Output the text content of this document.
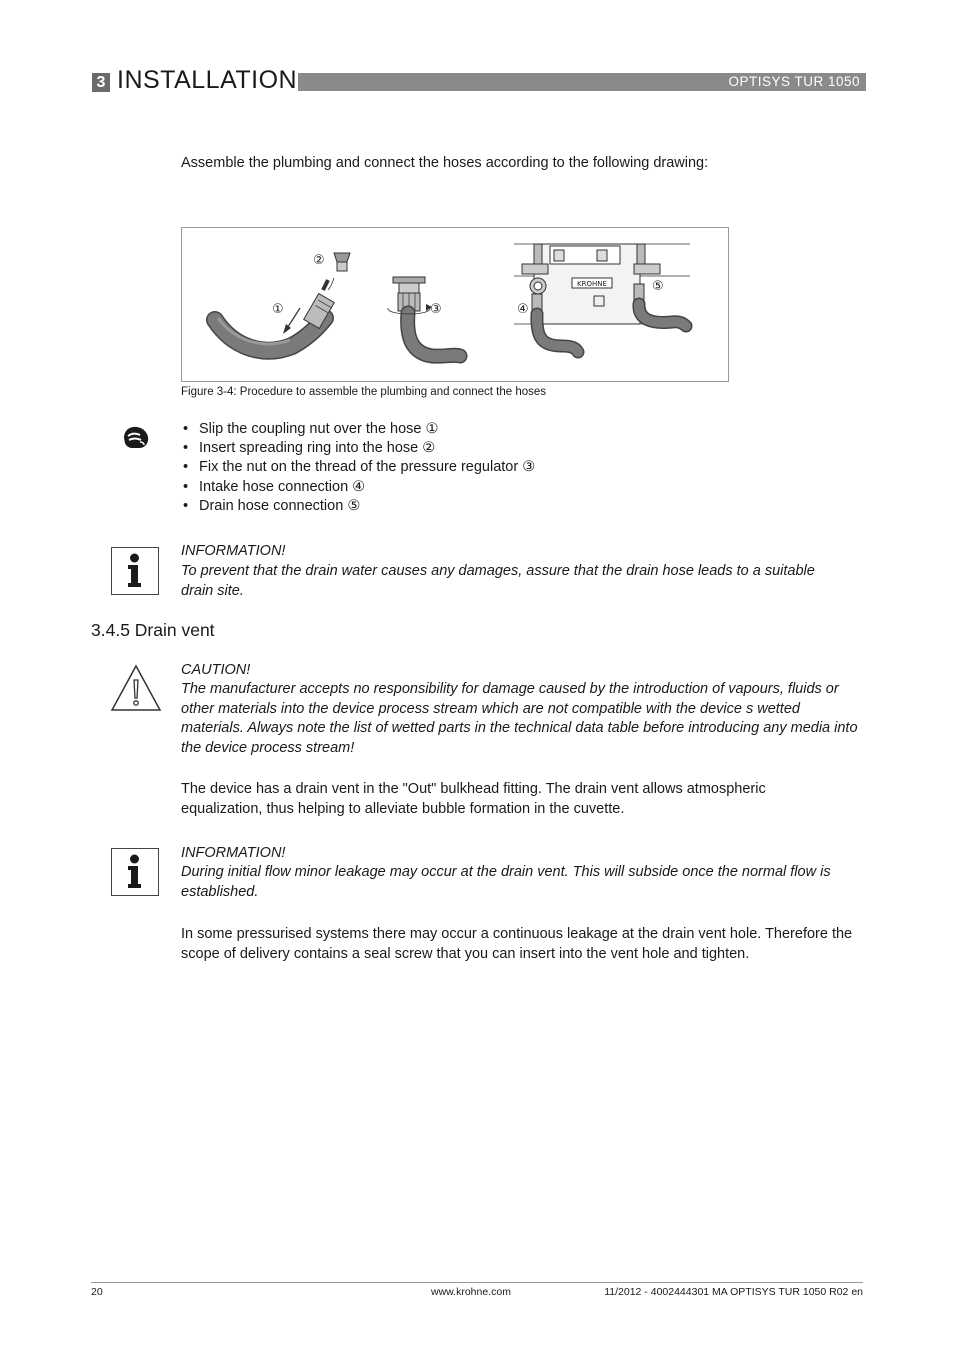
3 INSTALLATION	OPTISYS TUR 1050
Assemble the plumbing and connect the hoses according to the following drawing:
②
①	③
KROHNE
④
⑤
Figure 3-4: Procedure to assemble the plumbing and connect the hoses
• Slip the coupling nut over the hose ①
• Insert spreading ring into the hose ②
• Fix the nut on the thread of the pressure regulator ③
• Intake hose connection ④
• Drain hose connection ⑤
INFORMATION!
To prevent that the drain water causes any damages, assure that the drain hose leads to a suitable drain site.
3.4.5 Drain vent
CAUTION!
The manufacturer accepts no responsibility for damage caused by the introduction of vapours, fluids or other materials into the device process stream which are not compatible with the device s wetted materials. Always note the list of wetted parts in the technical data table before introducing any media into the device process stream!
The device has a drain vent in the "Out" bulkhead fitting. The drain vent allows atmospheric equalization, thus helping to alleviate bubble formation in the cuvette.
INFORMATION!
During initial flow minor leakage may occur at the drain vent. This will subside once the normal flow is established.
In some pressurised systems there may occur a continuous leakage at the drain vent hole. Therefore the scope of delivery contains a seal screw that you can insert into the vent hole and tighten.
20	www.krohne.com	11/2012 - 4002444301 MA OPTISYS TUR 1050 R02 en
